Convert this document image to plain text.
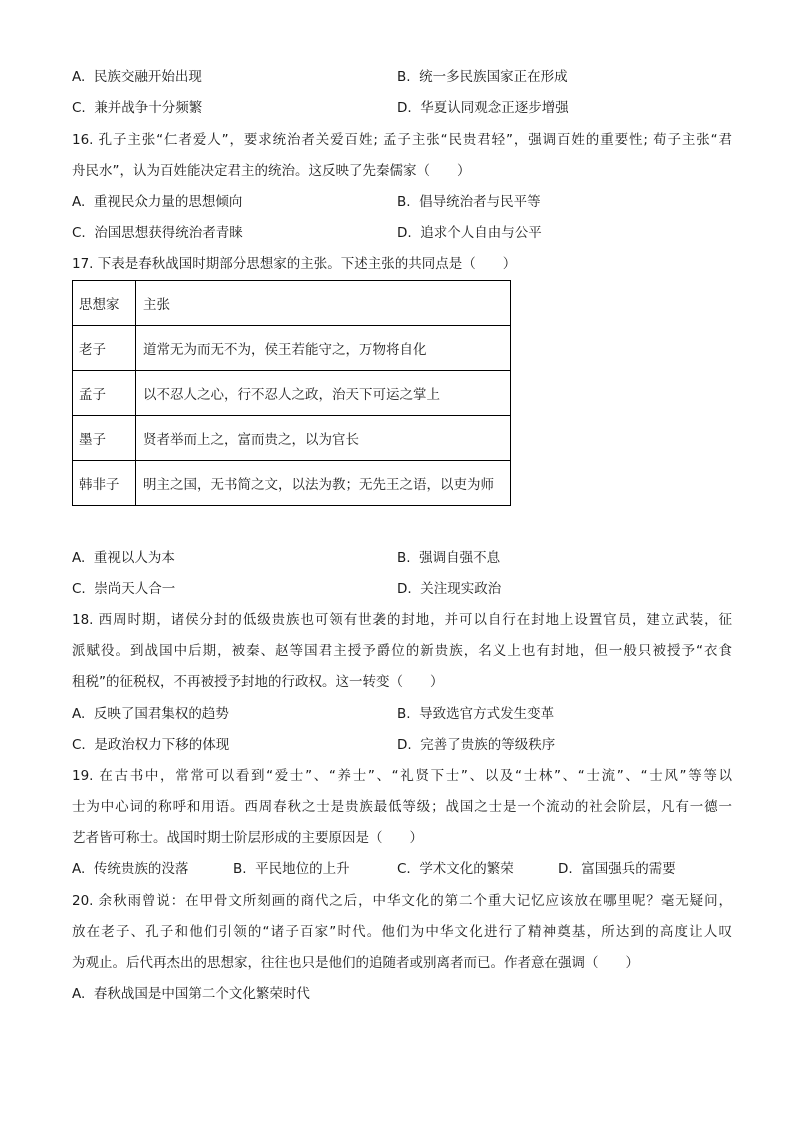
A. 民族交融开始出现	B. 统一多民族国家正在形成
C. 兼并战争十分频繁	D. 华夏认同观念正逐步增强
16. 孔子主张“仁者爱人”，要求统治者关爱百姓; 孟子主张“民贵君轻”，强调百姓的重要性; 荀子主张“君
舟民水”，认为百姓能决定君主的统治。这反映了先秦儒家（　　）
A. 重视民众力量的思想倾向	B. 倡导统治者与民平等
C. 治国思想获得统治者青睐	D. 追求个人自由与公平
17. 下表是春秋战国时期部分思想家的主张。下述主张的共同点是（　　）
思想家	主张
老子	道常无为而无不为，侯王若能守之，万物将自化
孟子	以不忍人之心，行不忍人之政，治天下可运之掌上
墨子	贤者举而上之，富而贵之，以为官长
韩非子	明主之国，无书简之文，以法为教；无先王之语，以吏为师
A. 重视以人为本	B. 强调自强不息
C. 崇尚天人合一	D. 关注现实政治
18. 西周时期，诸侯分封的低级贵族也可领有世袭的封地，并可以自行在封地上设置官员，建立武装，征
派赋役。到战国中后期，被秦、赵等国君主授予爵位的新贵族，名义上也有封地，但一般只被授予“衣食
租税”的征税权，不再被授予封地的行政权。这一转变（　　）
A. 反映了国君集权的趋势	B. 导致选官方式发生变革
C. 是政治权力下移的体现	D. 完善了贵族的等级秩序
19. 在古书中，常常可以看到“爱士”、“养士”、“礼贤下士”、以及“士林”、“士流”、“士风”等等以
士为中心词的称呼和用语。西周春秋之士是贵族最低等级；战国之士是一个流动的社会阶层，凡有一德一
艺者皆可称士。战国时期士阶层形成的主要原因是（　　）
A. 传统贵族的没落	B. 平民地位的上升	C. 学术文化的繁荣	D. 富国强兵的需要
20. 余秋雨曾说：在甲骨文所刻画的商代之后，中华文化的第二个重大记忆应该放在哪里呢？毫无疑问，
放在老子、孔子和他们引领的“诸子百家”时代。他们为中华文化进行了精神奠基，所达到的高度让人叹
为观止。后代再杰出的思想家，往往也只是他们的追随者或别离者而已。作者意在强调（　　）
A. 春秋战国是中国第二个文化繁荣时代
